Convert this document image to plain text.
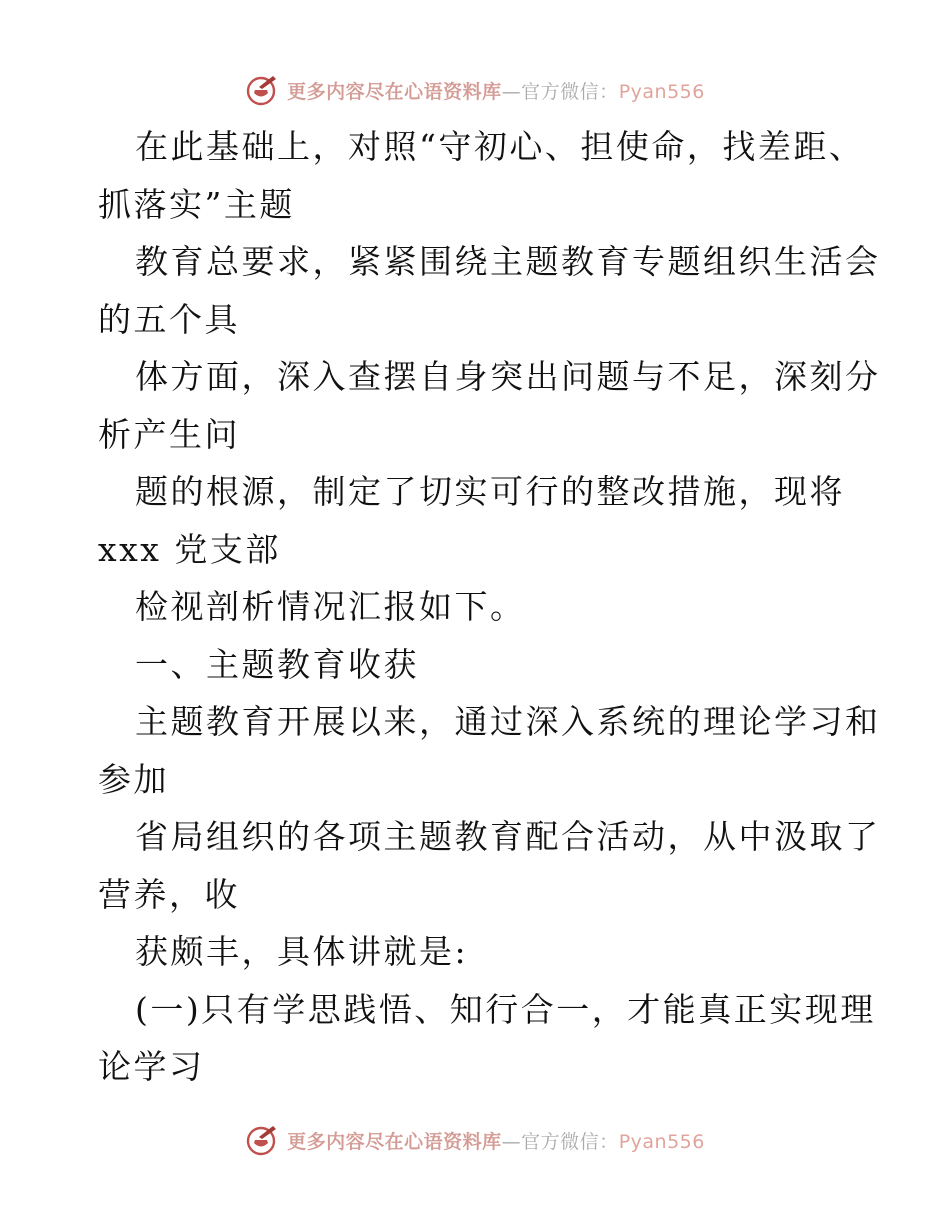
更多内容尽在心语资料库—官方微信：Pyan556
在此基础上，对照“守初心、担使命，找差距、
抓落实”主题
教育总要求，紧紧围绕主题教育专题组织生活会
的五个具
体方面，深入查摆自身突出问题与不足，深刻分
析产生问
题的根源，制定了切实可行的整改措施，现将
xxx 党支部
检视剖析情况汇报如下。
一、主题教育收获
主题教育开展以来，通过深入系统的理论学习和
参加
省局组织的各项主题教育配合活动，从中汲取了
营养，收
获颇丰，具体讲就是:
(一)只有学思践悟、知行合一，才能真正实现理
论学习
更多内容尽在心语资料库—官方微信：Pyan556
